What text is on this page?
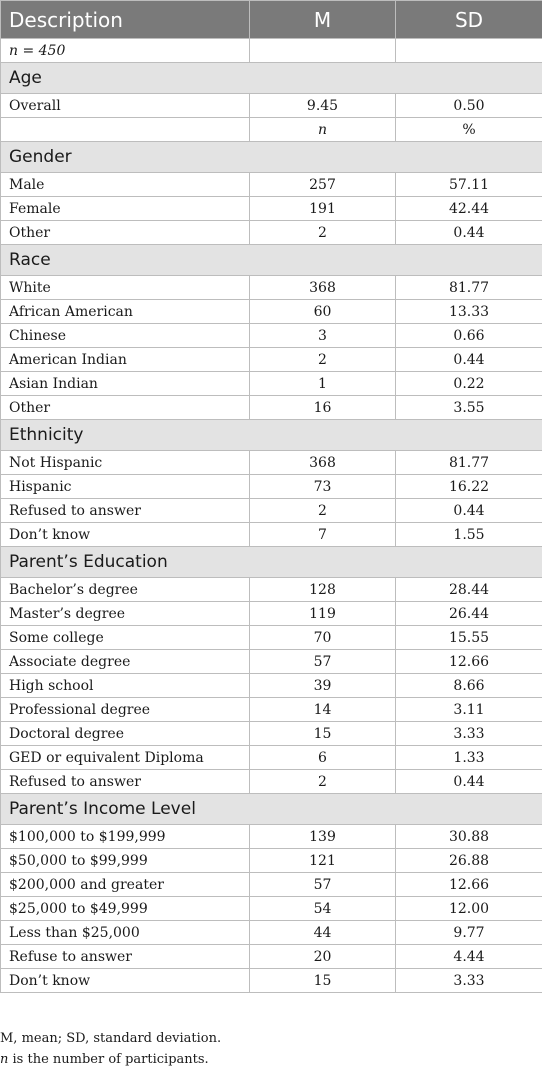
Description	M	SD
n = 450		
Age		
Overall	9.45	0.50
	n	%
Gender		
Male	257	57.11
Female	191	42.44
Other	2	0.44
Race		
White	368	81.77
African American	60	13.33
Chinese	3	0.66
American Indian	2	0.44
Asian Indian	1	0.22
Other	16	3.55
Ethnicity		
Not Hispanic	368	81.77
Hispanic	73	16.22
Refused to answer	2	0.44
Don’t know	7	1.55
Parent’s Education		
Bachelor’s degree	128	28.44
Master’s degree	119	26.44
Some college	70	15.55
Associate degree	57	12.66
High school	39	8.66
Professional degree	14	3.11
Doctoral degree	15	3.33
GED or equivalent Diploma	6	1.33
Refused to answer	2	0.44
Parent’s Income Level		
$100,000 to $199,999	139	30.88
$50,000 to $99,999	121	26.88
$200,000 and greater	57	12.66
$25,000 to $49,999	54	12.00
Less than $25,000	44	9.77
Refuse to answer	20	4.44
Don’t know	15	3.33
M, mean; SD, standard deviation.
n is the number of participants.
